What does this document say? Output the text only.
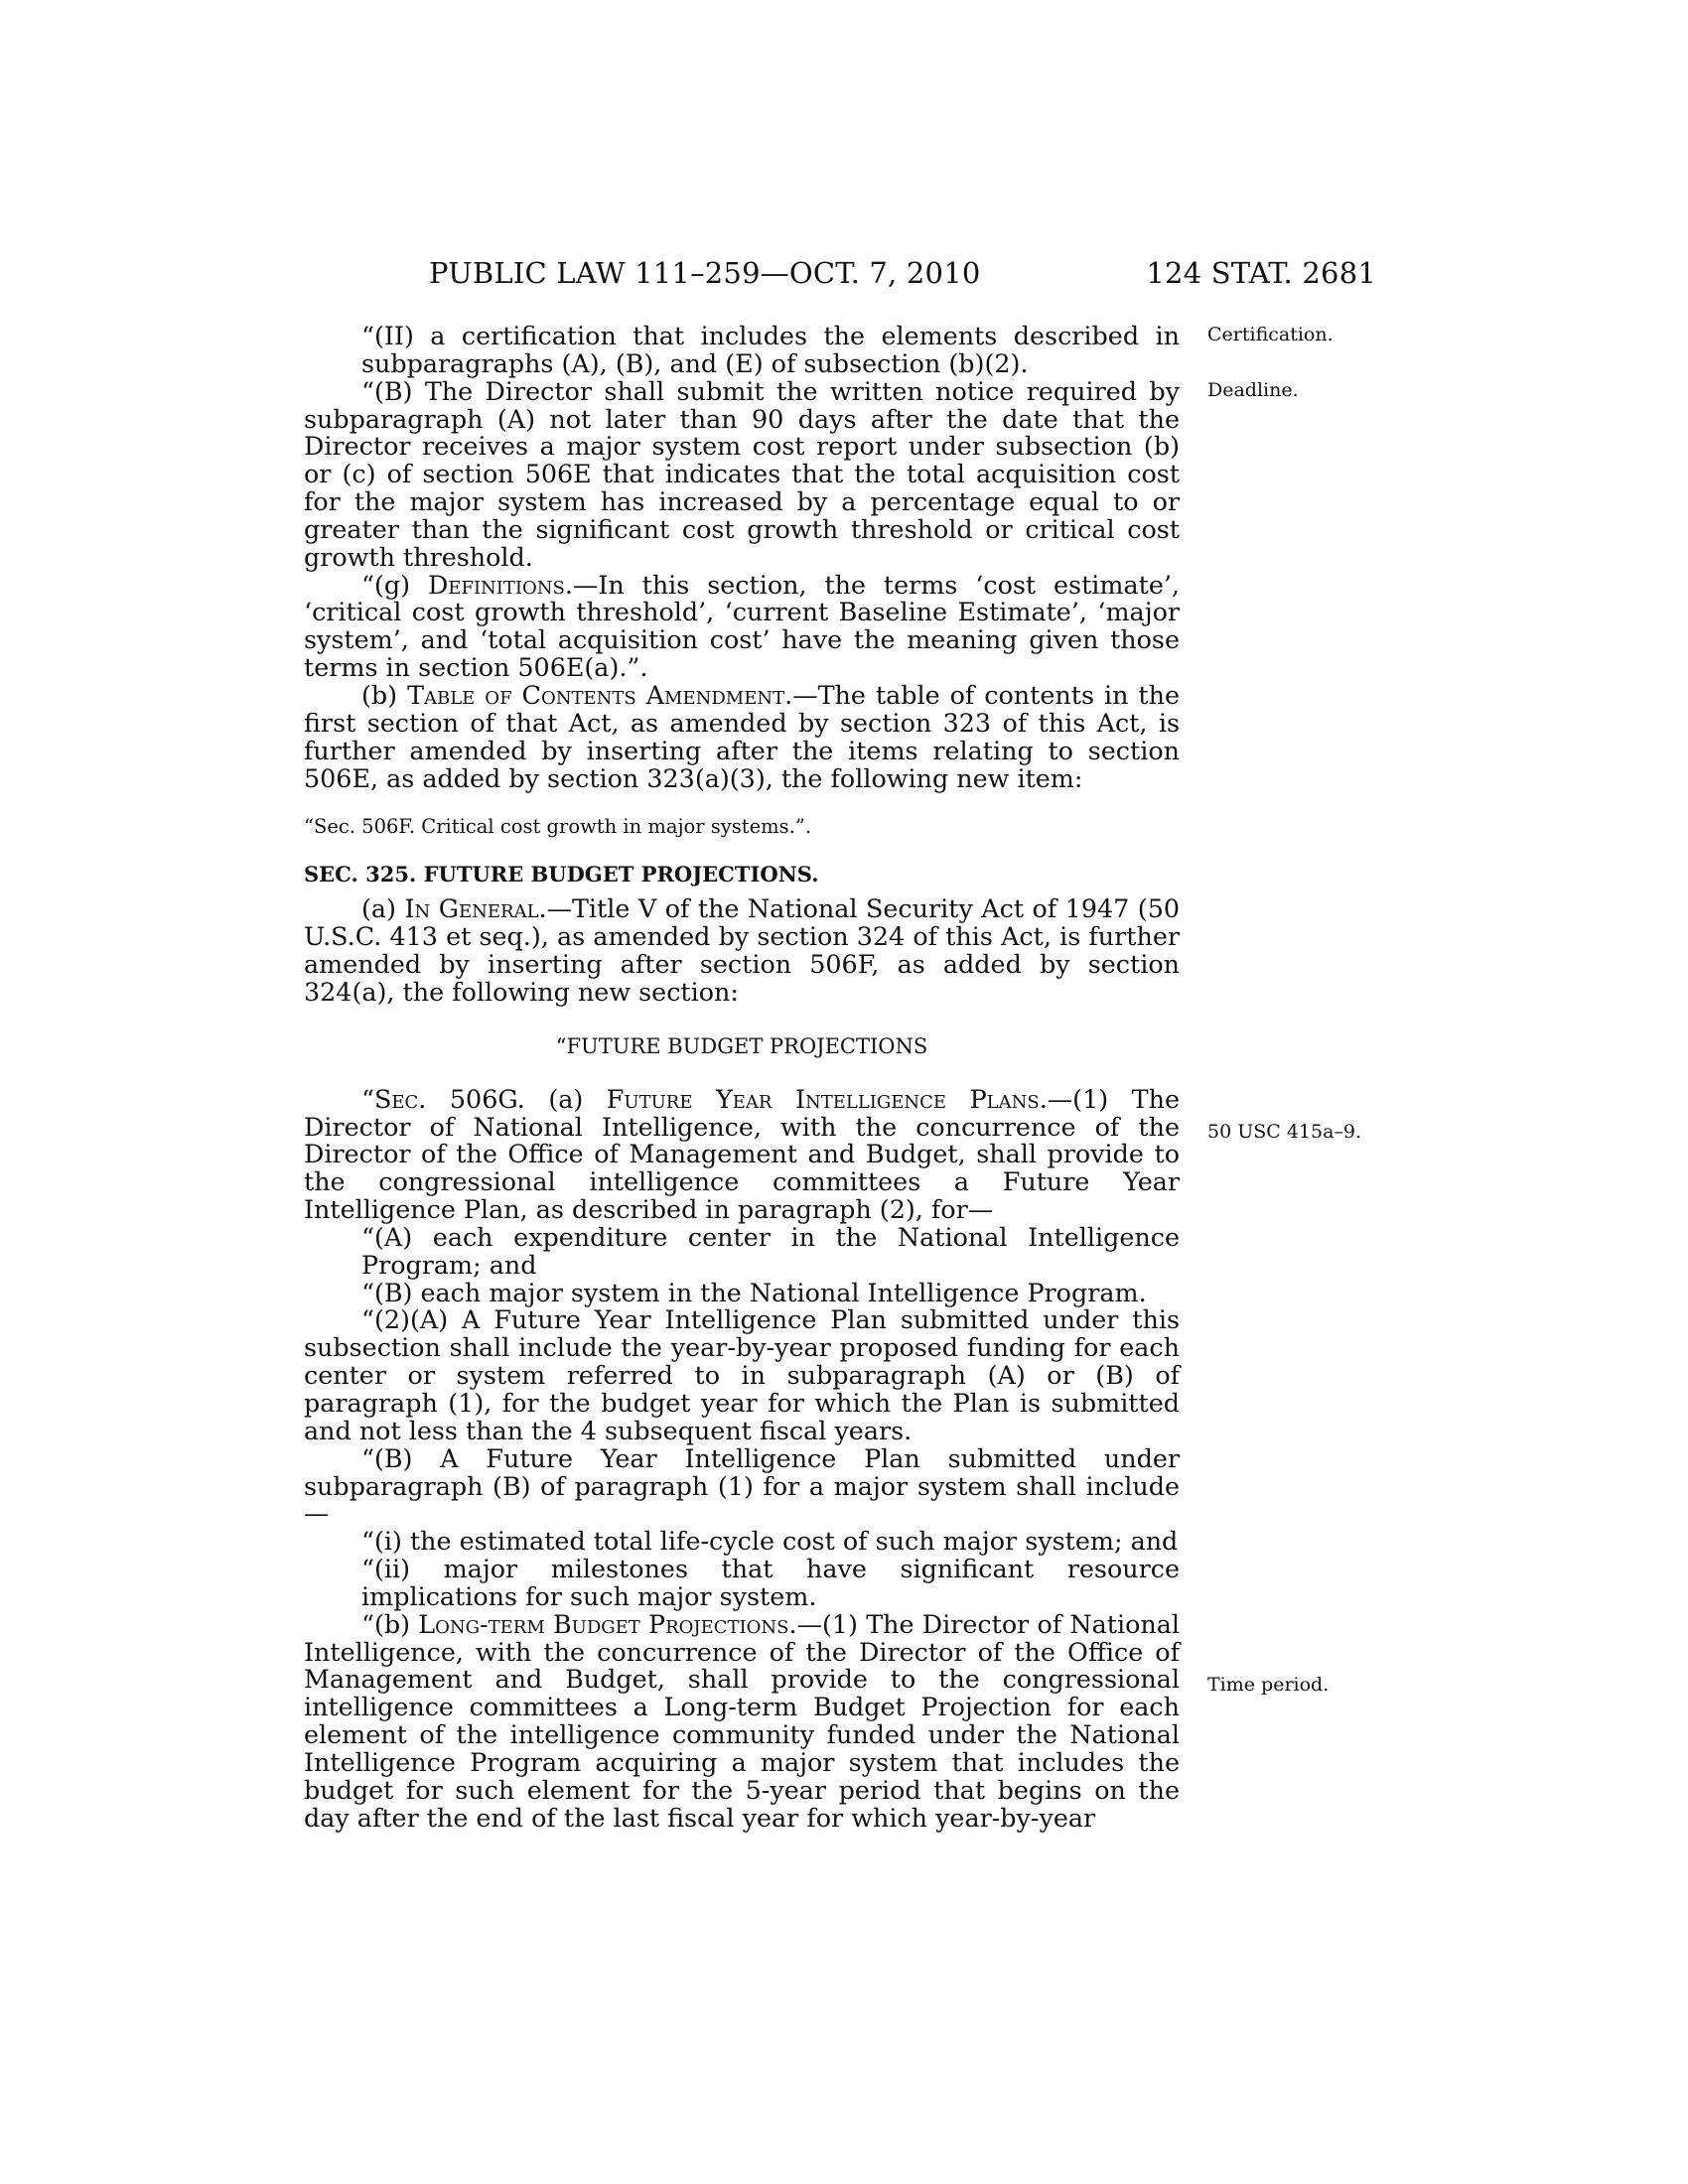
PUBLIC LAW 111–259—OCT. 7, 2010	124 STAT. 2681
Certification.
Deadline.
50 USC 415a–9.
Time period.

“(II) a certification that includes the elements described in subparagraphs (A), (B), and (E) of subsection (b)(2).

“(B) The Director shall submit the written notice required by subparagraph (A) not later than 90 days after the date that the Director receives a major system cost report under subsection (b) or (c) of section 506E that indicates that the total acquisition cost for the major system has increased by a percentage equal to or greater than the significant cost growth threshold or critical cost growth threshold.

“(g) Definitions.—In this section, the terms ‘cost estimate’, ‘critical cost growth threshold’, ‘current Baseline Estimate’, ‘major system’, and ‘total acquisition cost’ have the meaning given those terms in section 506E(a).”.

(b) Table of Contents Amendment.—The table of contents in the first section of that Act, as amended by section 323 of this Act, is further amended by inserting after the items relating to section 506E, as added by section 323(a)(3), the following new item:

“Sec. 506F. Critical cost growth in major systems.”.

SEC. 325. FUTURE BUDGET PROJECTIONS.

(a) In General.—Title V of the National Security Act of 1947 (50 U.S.C. 413 et seq.), as amended by section 324 of this Act, is further amended by inserting after section 506F, as added by section 324(a), the following new section:

“FUTURE BUDGET PROJECTIONS

“Sec. 506G. (a) Future Year Intelligence Plans.—(1) The Director of National Intelligence, with the concurrence of the Director of the Office of Management and Budget, shall provide to the congressional intelligence committees a Future Year Intelligence Plan, as described in paragraph (2), for—

“(A) each expenditure center in the National Intelligence Program; and

“(B) each major system in the National Intelligence Program.

“(2)(A) A Future Year Intelligence Plan submitted under this subsection shall include the year-by-year proposed funding for each center or system referred to in subparagraph (A) or (B) of paragraph (1), for the budget year for which the Plan is submitted and not less than the 4 subsequent fiscal years.

“(B) A Future Year Intelligence Plan submitted under subparagraph (B) of paragraph (1) for a major system shall include—

“(i) the estimated total life-cycle cost of such major system; and

“(ii) major milestones that have significant resource implications for such major system.

“(b) Long-term Budget Projections.—(1) The Director of National Intelligence, with the concurrence of the Director of the Office of Management and Budget, shall provide to the congressional intelligence committees a Long-term Budget Projection for each element of the intelligence community funded under the National Intelligence Program acquiring a major system that includes the budget for such element for the 5-year period that begins on the day after the end of the last fiscal year for which year-by-year
